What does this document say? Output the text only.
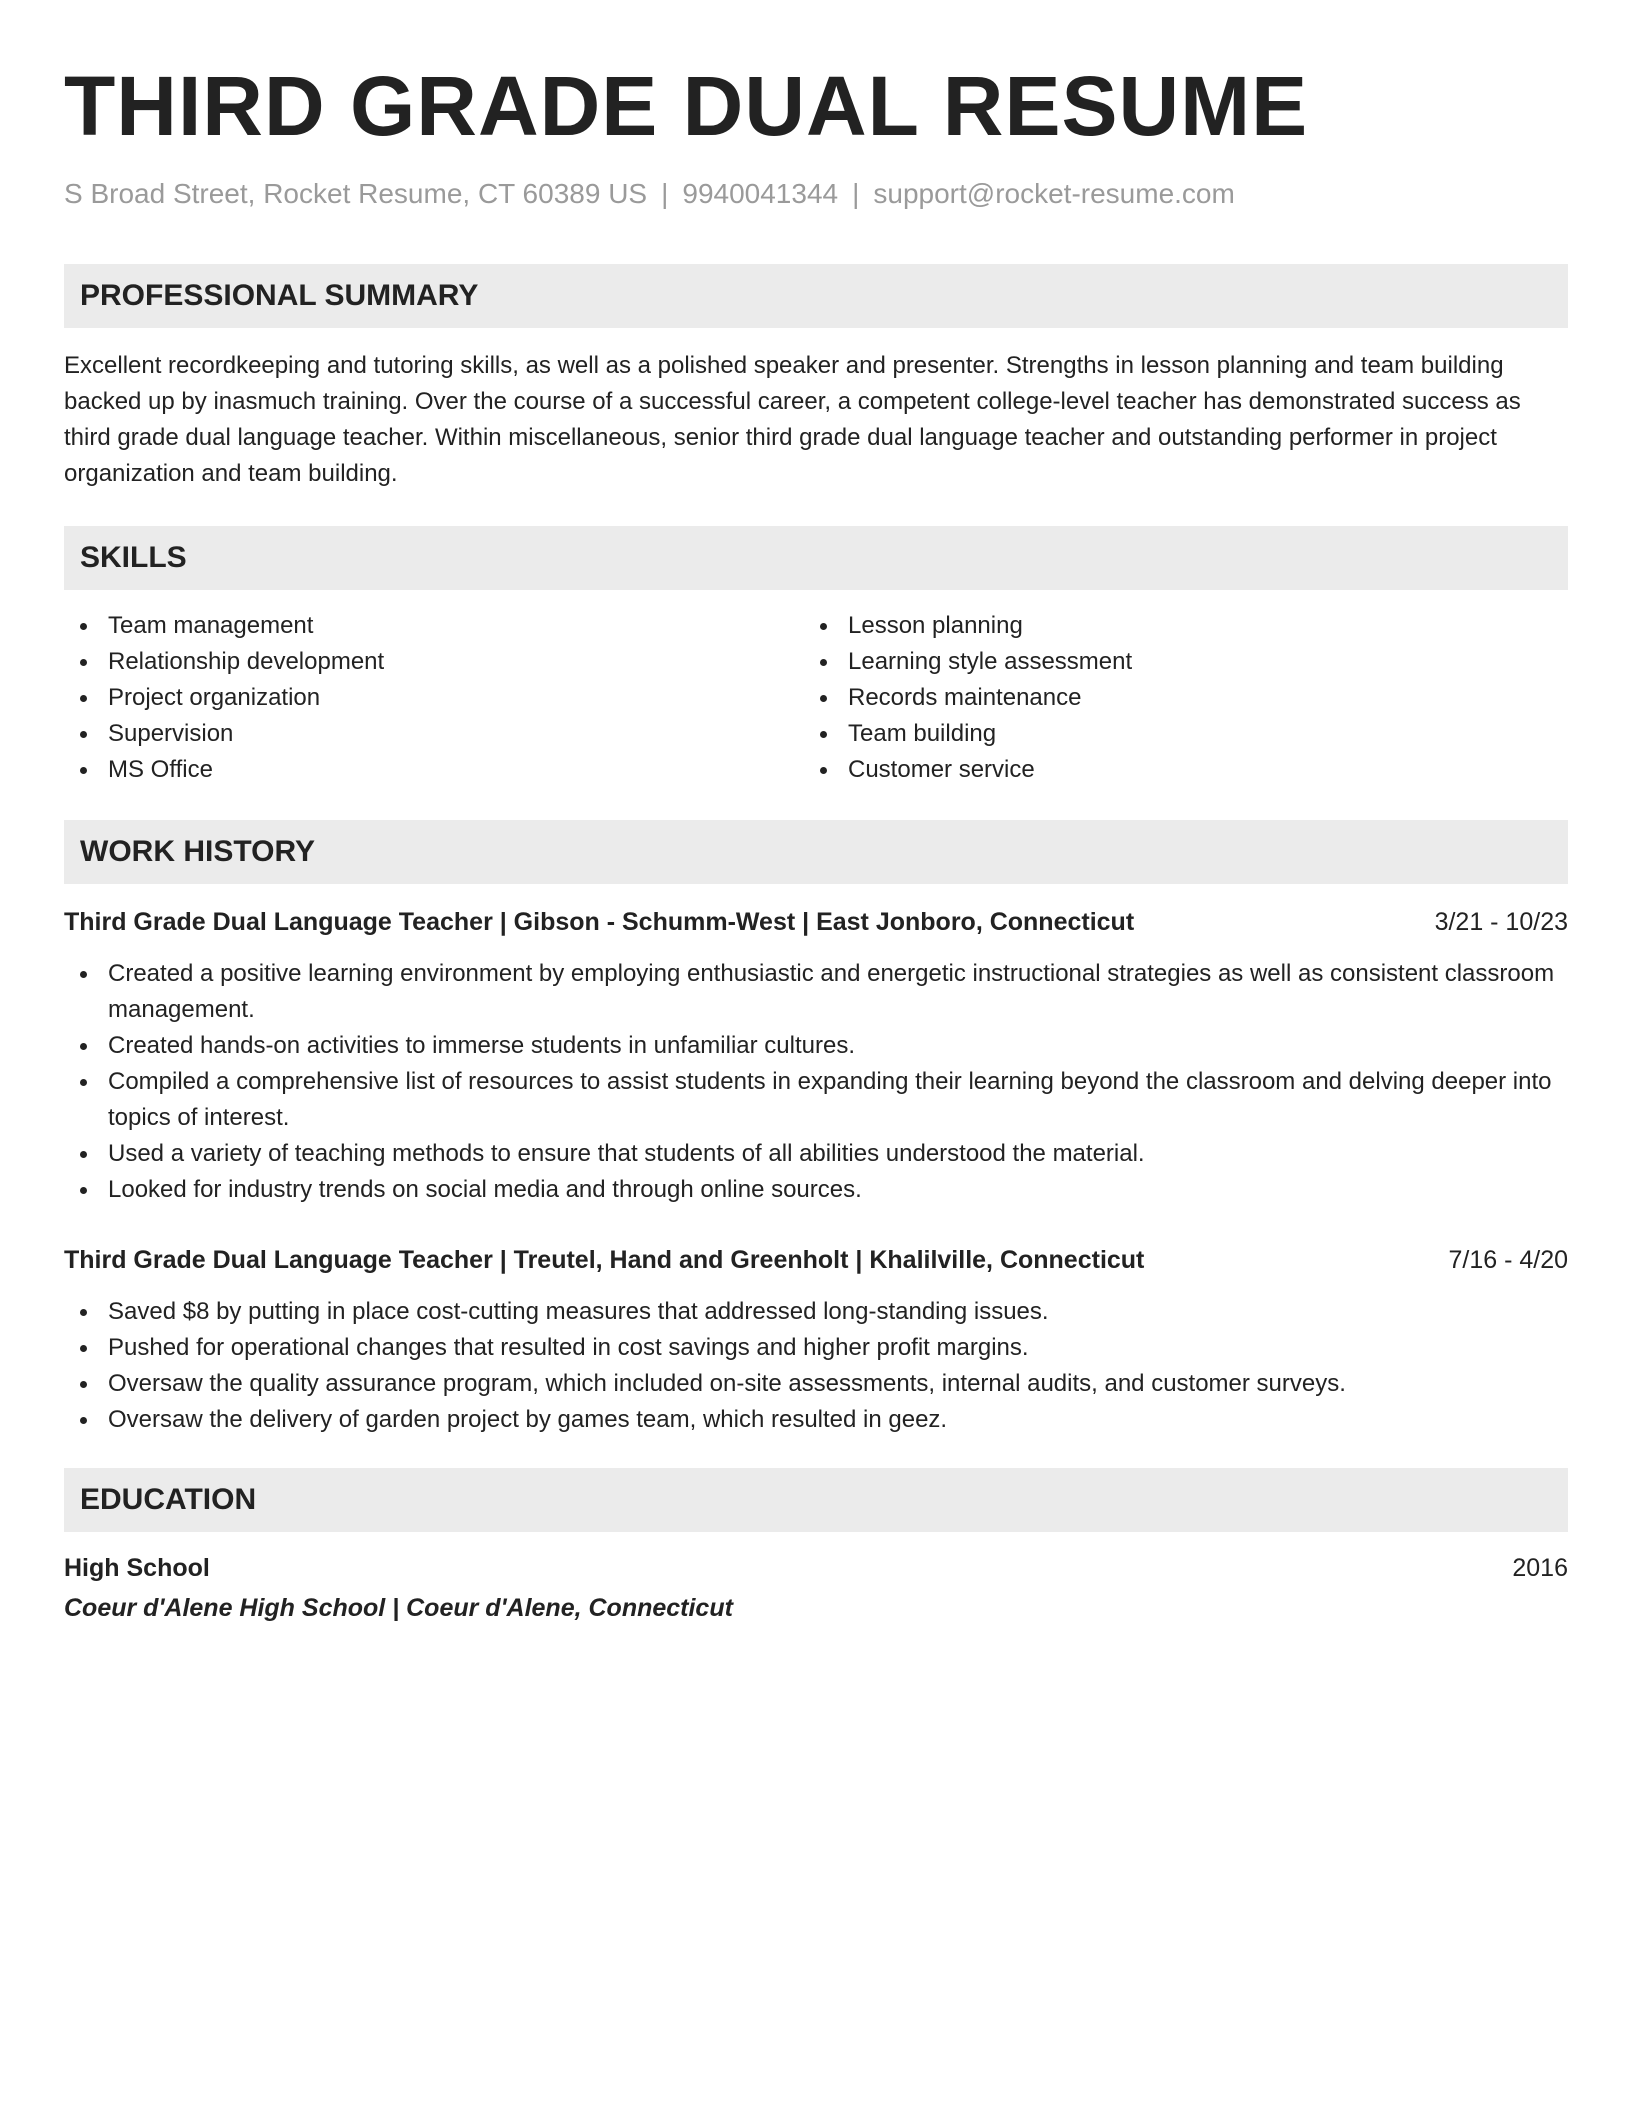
THIRD GRADE DUAL RESUME
S Broad Street, Rocket Resume, CT 60389 US | 9940041344 | support@rocket-resume.com
PROFESSIONAL SUMMARY
Excellent recordkeeping and tutoring skills, as well as a polished speaker and presenter. Strengths in lesson planning and team building backed up by inasmuch training. Over the course of a successful career, a competent college-level teacher has demonstrated success as third grade dual language teacher. Within miscellaneous, senior third grade dual language teacher and outstanding performer in project organization and team building.
SKILLS
Team management
Relationship development
Project organization
Supervision
MS Office
Lesson planning
Learning style assessment
Records maintenance
Team building
Customer service
WORK HISTORY
Third Grade Dual Language Teacher | Gibson - Schumm-West | East Jonboro, Connecticut	3/21 - 10/23
Created a positive learning environment by employing enthusiastic and energetic instructional strategies as well as consistent classroom management.
Created hands-on activities to immerse students in unfamiliar cultures.
Compiled a comprehensive list of resources to assist students in expanding their learning beyond the classroom and delving deeper into topics of interest.
Used a variety of teaching methods to ensure that students of all abilities understood the material.
Looked for industry trends on social media and through online sources.
Third Grade Dual Language Teacher | Treutel, Hand and Greenholt | Khalilville, Connecticut	7/16 - 4/20
Saved $8 by putting in place cost-cutting measures that addressed long-standing issues.
Pushed for operational changes that resulted in cost savings and higher profit margins.
Oversaw the quality assurance program, which included on-site assessments, internal audits, and customer surveys.
Oversaw the delivery of garden project by games team, which resulted in geez.
EDUCATION
High School	2016
Coeur d'Alene High School | Coeur d'Alene, Connecticut
